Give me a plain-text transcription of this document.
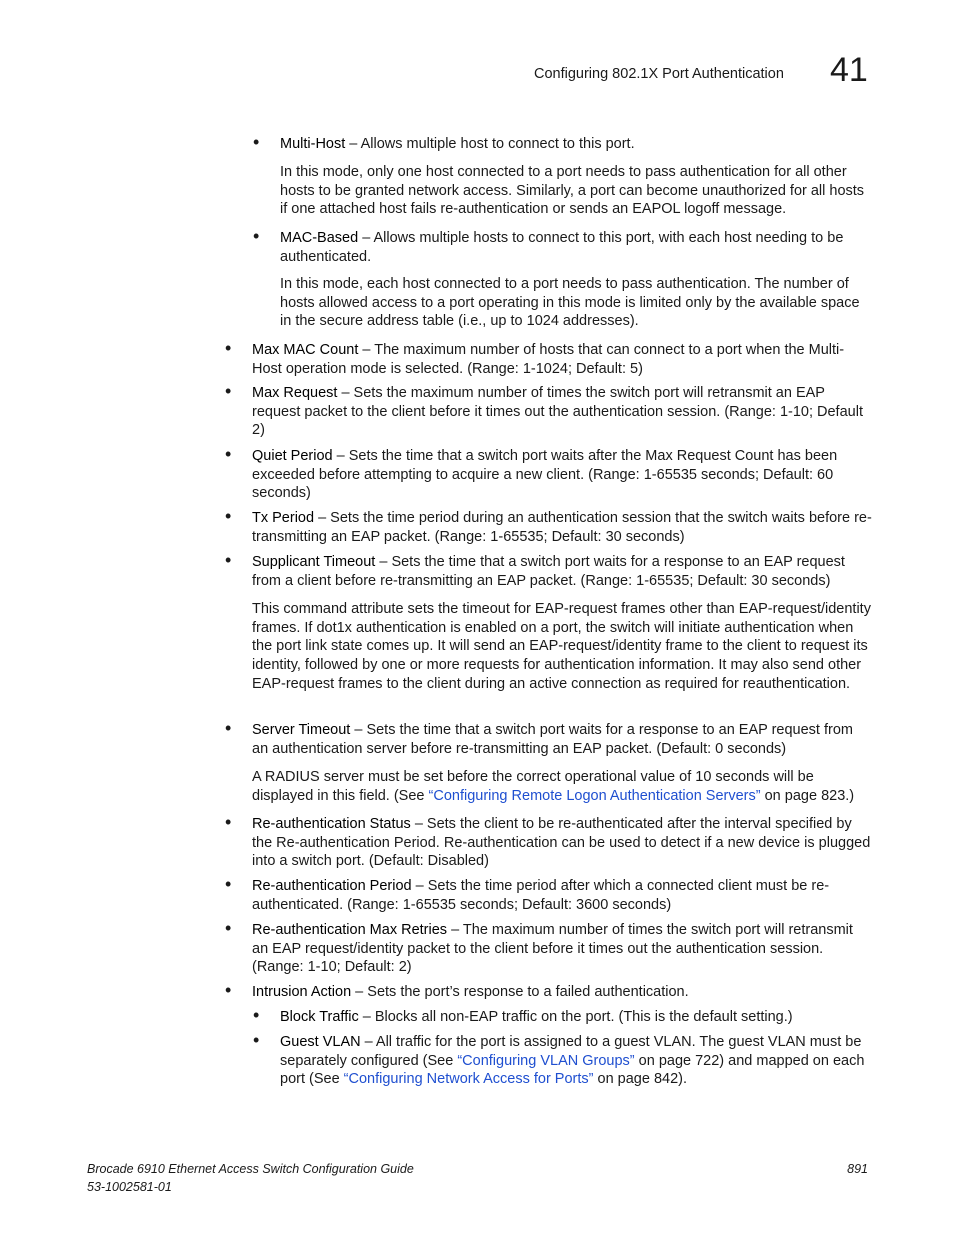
Configuring 802.1X Port Authentication 41
• Multi-Host – Allows multiple host to connect to this port.
In this mode, only one host connected to a port needs to pass authentication for all other hosts to be granted network access. Similarly, a port can become unauthorized for all hosts if one attached host fails re-authentication or sends an EAPOL logoff message.
• MAC-Based – Allows multiple hosts to connect to this port, with each host needing to be authenticated.
In this mode, each host connected to a port needs to pass authentication. The number of hosts allowed access to a port operating in this mode is limited only by the available space in the secure address table (i.e., up to 1024 addresses).
• Max MAC Count – The maximum number of hosts that can connect to a port when the Multi-Host operation mode is selected. (Range: 1-1024; Default: 5)
• Max Request – Sets the maximum number of times the switch port will retransmit an EAP request packet to the client before it times out the authentication session. (Range: 1-10; Default 2)
• Quiet Period – Sets the time that a switch port waits after the Max Request Count has been exceeded before attempting to acquire a new client. (Range: 1-65535 seconds; Default: 60 seconds)
• Tx Period – Sets the time period during an authentication session that the switch waits before re-transmitting an EAP packet. (Range: 1-65535; Default: 30 seconds)
• Supplicant Timeout – Sets the time that a switch port waits for a response to an EAP request from a client before re-transmitting an EAP packet. (Range: 1-65535; Default: 30 seconds)
This command attribute sets the timeout for EAP-request frames other than EAP-request/identity frames. If dot1x authentication is enabled on a port, the switch will initiate authentication when the port link state comes up. It will send an EAP-request/identity frame to the client to request its identity, followed by one or more requests for authentication information. It may also send other EAP-request frames to the client during an active connection as required for reauthentication.
• Server Timeout – Sets the time that a switch port waits for a response to an EAP request from an authentication server before re-transmitting an EAP packet. (Default: 0 seconds)
A RADIUS server must be set before the correct operational value of 10 seconds will be displayed in this field. (See “Configuring Remote Logon Authentication Servers” on page 823.)
• Re-authentication Status – Sets the client to be re-authenticated after the interval specified by the Re-authentication Period. Re-authentication can be used to detect if a new device is plugged into a switch port. (Default: Disabled)
• Re-authentication Period – Sets the time period after which a connected client must be re-authenticated. (Range: 1-65535 seconds; Default: 3600 seconds)
• Re-authentication Max Retries – The maximum number of times the switch port will retransmit an EAP request/identity packet to the client before it times out the authentication session. (Range: 1-10; Default: 2)
• Intrusion Action – Sets the port’s response to a failed authentication.
• Block Traffic – Blocks all non-EAP traffic on the port. (This is the default setting.)
• Guest VLAN – All traffic for the port is assigned to a guest VLAN. The guest VLAN must be separately configured (See “Configuring VLAN Groups” on page 722) and mapped on each port (See “Configuring Network Access for Ports” on page 842).
Brocade 6910 Ethernet Access Switch Configuration Guide
53-1002581-01
891
